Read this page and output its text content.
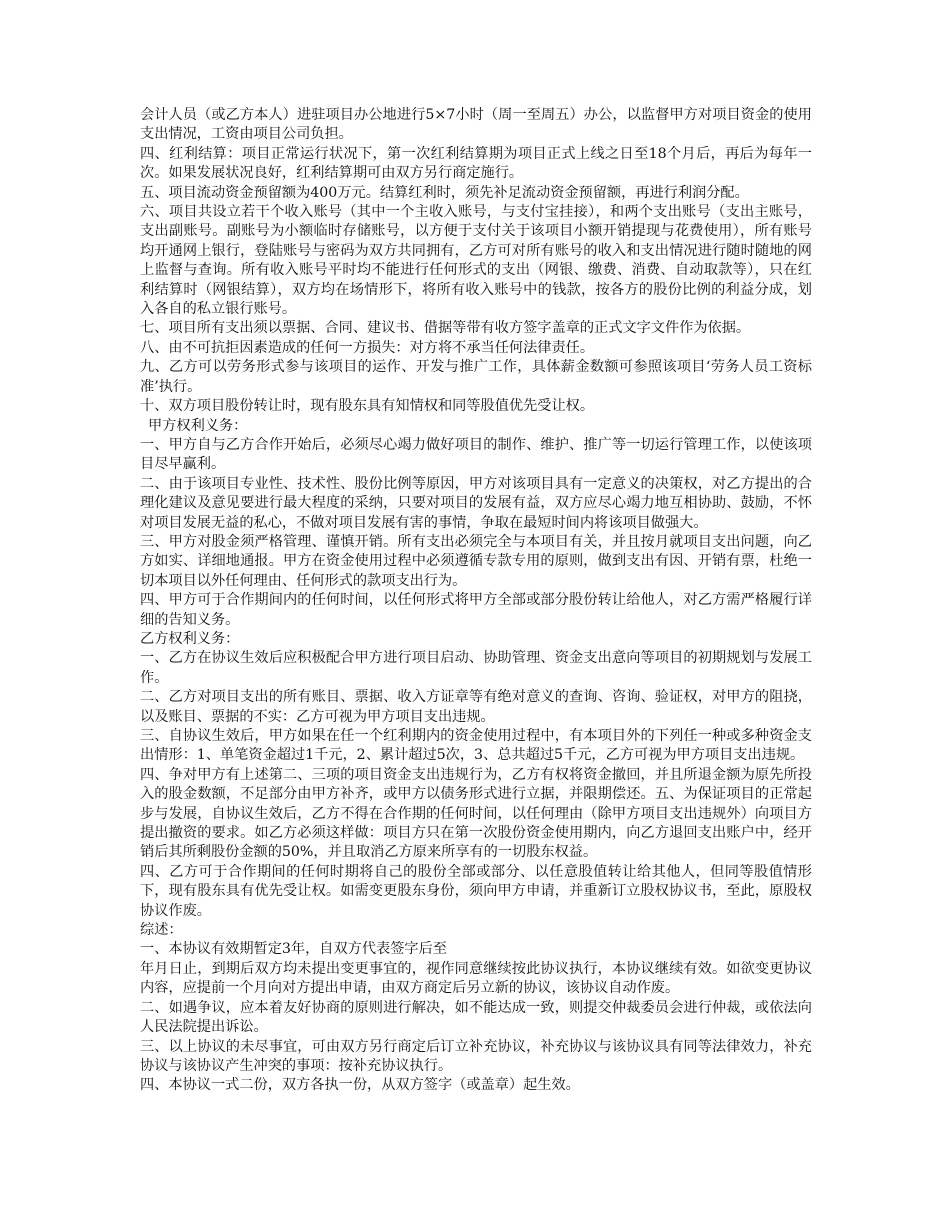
会计人员（或乙方本人）进驻项目办公地进行5×7小时（周一至周五）办公，以监督甲方对项目资金的使用支出情况，工资由项目公司负担。

四、红利结算：项目正常运行状况下，第一次红利结算期为项目正式上线之日至18个月后，再后为每年一次。如果发展状况良好，红利结算期可由双方另行商定施行。

五、项目流动资金预留额为400万元。结算红利时，须先补足流动资金预留额，再进行利润分配。

六、项目共设立若干个收入账号（其中一个主收入账号，与支付宝挂接），和两个支出账号（支出主账号，支出副账号。副账号为小额临时存储账号，以方便于支付关于该项目小额开销提现与花费使用），所有账号均开通网上银行，登陆账号与密码为双方共同拥有，乙方可对所有账号的收入和支出情况进行随时随地的网上监督与查询。所有收入账号平时均不能进行任何形式的支出（网银、缴费、消费、自动取款等），只在红利结算时（网银结算），双方均在场情形下，将所有收入账号中的钱款，按各方的股份比例的利益分成，划入各自的私立银行账号。

七、项目所有支出须以票据、合同、建议书、借据等带有收方签字盖章的正式文字文件作为依据。

八、由不可抗拒因素造成的任何一方损失：对方将不承当任何法律责任。

九、乙方可以劳务形式参与该项目的运作、开发与推广工作，具体薪金数额可参照该项目‘劳务人员工资标准’执行。

十、双方项目股份转让时，现有股东具有知情权和同等股值优先受让权。

甲方权利义务：

一、甲方自与乙方合作开始后，必须尽心竭力做好项目的制作、维护、推广等一切运行管理工作，以使该项目尽早赢利。

二、由于该项目专业性、技术性、股份比例等原因，甲方对该项目具有一定意义的决策权，对乙方提出的合理化建议及意见要进行最大程度的采纳，只要对项目的发展有益，双方应尽心竭力地互相协助、鼓励，不怀对项目发展无益的私心，不做对项目发展有害的事情，争取在最短时间内将该项目做强大。

三、甲方对股金须严格管理、谨慎开销。所有支出必须完全与本项目有关，并且按月就项目支出问题，向乙方如实、详细地通报。甲方在资金使用过程中必须遵循专款专用的原则，做到支出有因、开销有票，杜绝一切本项目以外任何理由、任何形式的款项支出行为。

四、甲方可于合作期间内的任何时间，以任何形式将甲方全部或部分股份转让给他人，对乙方需严格履行详细的告知义务。

乙方权利义务：

一、乙方在协议生效后应积极配合甲方进行项目启动、协助管理、资金支出意向等项目的初期规划与发展工作。

二、乙方对项目支出的所有账目、票据、收入方证章等有绝对意义的查询、咨询、验证权，对甲方的阻挠，以及账目、票据的不实：乙方可视为甲方项目支出违规。

三、自协议生效后，甲方如果在任一个红利期内的资金使用过程中，有本项目外的下列任一种或多种资金支出情形：1、单笔资金超过1千元，2、累计超过5次，3、总共超过5千元，乙方可视为甲方项目支出违规。

四、争对甲方有上述第二、三项的项目资金支出违规行为，乙方有权将资金撤回，并且所退金额为原先所投入的股金数额，不足部分由甲方补齐，或甲方以债务形式进行立据，并限期偿还。五、为保证项目的正常起步与发展，自协议生效后，乙方不得在合作期的任何时间，以任何理由（除甲方项目支出违规外）向项目方提出撤资的要求。如乙方必须这样做：项目方只在第一次股份资金使用期内，向乙方退回支出账户中，经开销后其所剩股份金额的50%，并且取消乙方原来所享有的一切股东权益。

四、乙方可于合作期间的任何时期将自己的股份全部或部分、以任意股值转让给其他人，但同等股值情形下，现有股东具有优先受让权。如需变更股东身份，须向甲方申请，并重新订立股权协议书，至此，原股权协议作废。

综述：

一、本协议有效期暂定3年，自双方代表签字后至

年月日止，到期后双方均未提出变更事宜的，视作同意继续按此协议执行，本协议继续有效。如欲变更协议内容，应提前一个月向对方提出申请，由双方商定后另立新的协议，该协议自动作废。

二、如遇争议，应本着友好协商的原则进行解决，如不能达成一致，则提交仲裁委员会进行仲裁，或依法向人民法院提出诉讼。

三、以上协议的未尽事宜，可由双方另行商定后订立补充协议，补充协议与该协议具有同等法律效力，补充协议与该协议产生冲突的事项：按补充协议执行。

四、本协议一式二份，双方各执一份，从双方签字（或盖章）起生效。
